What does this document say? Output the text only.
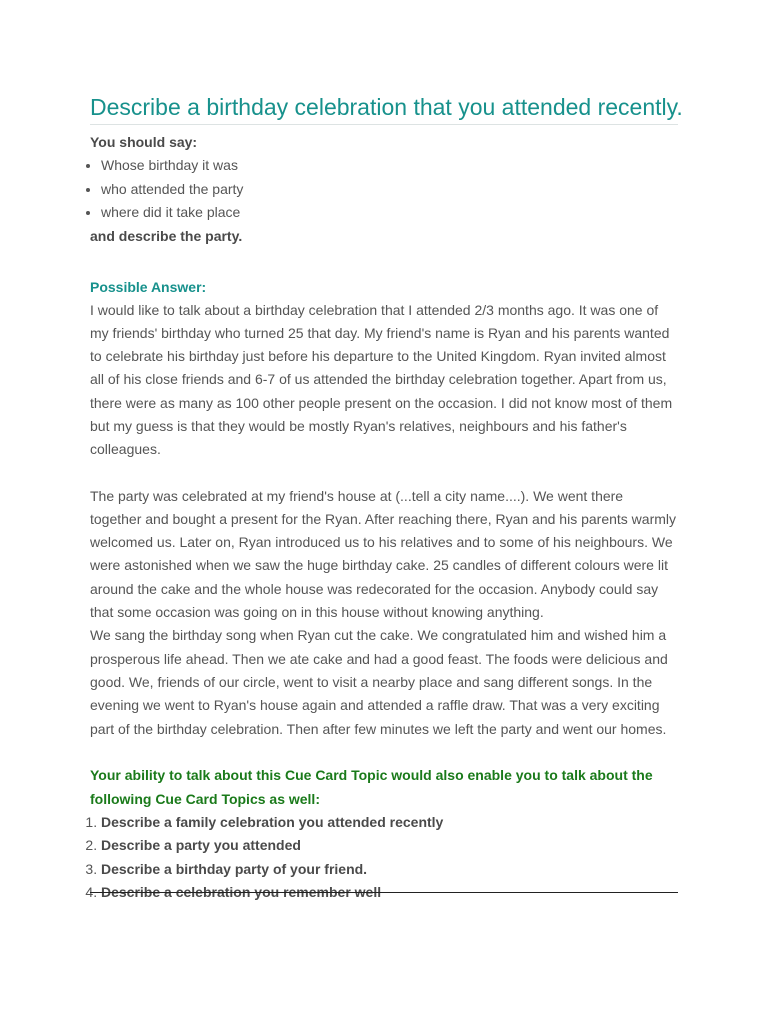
Describe a birthday celebration that you attended recently.
You should say:
• Whose birthday it was
• who attended the party
• where did it take place
and describe the party.
Possible Answer:

I would like to talk about a birthday celebration that I attended 2/3 months ago. It was one of my friends' birthday who turned 25 that day. My friend's name is Ryan and his parents wanted to celebrate his birthday just before his departure to the United Kingdom. Ryan invited almost all of his close friends and 6-7 of us attended the birthday celebration together. Apart from us, there were as many as 100 other people present on the occasion. I did not know most of them but my guess is that they would be mostly Ryan's relatives, neighbours and his father's colleagues.

The party was celebrated at my friend's house at (...tell a city name....). We went there together and bought a present for the Ryan. After reaching there, Ryan and his parents warmly welcomed us. Later on, Ryan introduced us to his relatives and to some of his neighbours. We were astonished when we saw the huge birthday cake. 25 candles of different colours were lit around the cake and the whole house was redecorated for the occasion. Anybody could say that some occasion was going on in this house without knowing anything.

We sang the birthday song when Ryan cut the cake. We congratulated him and wished him a prosperous life ahead. Then we ate cake and had a good feast. The foods were delicious and good. We, friends of our circle, went to visit a nearby place and sang different songs. In the evening we went to Ryan's house again and attended a raffle draw. That was a very exciting part of the birthday celebration. Then after few minutes we left the party and went our homes.

Your ability to talk about this Cue Card Topic would also enable you to talk about the following Cue Card Topics as well:
1. Describe a family celebration you attended recently
2. Describe a party you attended
3. Describe a birthday party of your friend.
4. Describe a celebration you remember well
